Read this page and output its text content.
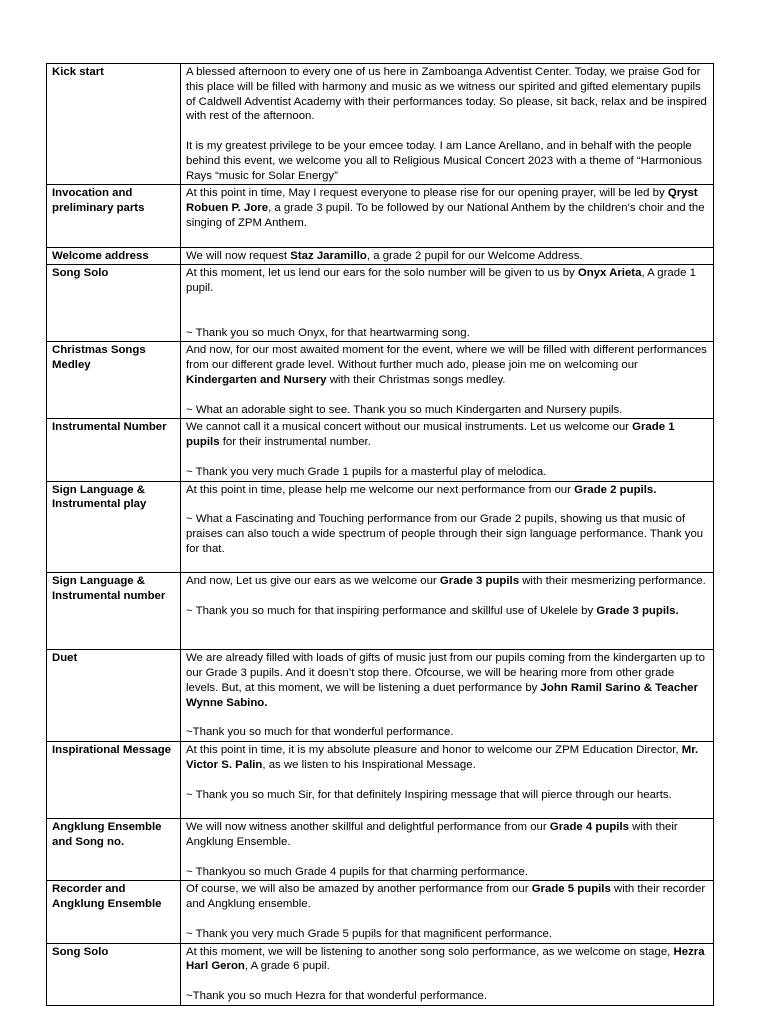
Kick start	A blessed afternoon to every one of us here in Zamboanga Adventist Center. Today, we praise God for this place will be filled with harmony and music as we witness our spirited and gifted elementary pupils of Caldwell Adventist Academy with their performances today. So please, sit back, relax and be inspired with rest of the afternoon.

It is my greatest privilege to be your emcee today. I am Lance Arellano, and in behalf with the people behind this event, we welcome you all to Religious Musical Concert 2023 with a theme of “Harmonious Rays “music for Solar Energy”

Invocation and preliminary parts	At this point in time, May I request everyone to please rise for our opening prayer, will be led by Qryst Robuen P. Jore, a grade 3 pupil. To be followed by our National Anthem by the children’s choir and the singing of ZPM Anthem.

Welcome address	We will now request Staz Jaramillo, a grade 2 pupil for our Welcome Address.

Song Solo	At this moment, let us lend our ears for the solo number will be given to us by Onyx Arieta, A grade 1 pupil.

~ Thank you so much Onyx, for that heartwarming song.

Christmas Songs Medley	And now, for our most awaited moment for the event, where we will be filled with different performances from our different grade level. Without further much ado, please join me on welcoming our Kindergarten and Nursery with their Christmas songs medley.

~ What an adorable sight to see. Thank you so much Kindergarten and Nursery pupils.

Instrumental Number	We cannot call it a musical concert without our musical instruments. Let us welcome our Grade 1 pupils for their instrumental number.

~ Thank you very much Grade 1 pupils for a masterful play of melodica.

Sign Language & Instrumental play	At this point in time, please help me welcome our next performance from our Grade 2 pupils.

~ What a Fascinating and Touching performance from our Grade 2 pupils, showing us that music of praises can also touch a wide spectrum of people through their sign language performance. Thank you for that.

Sign Language & Instrumental number	And now, Let us give our ears as we welcome our Grade 3 pupils with their mesmerizing performance.

~ Thank you so much for that inspiring performance and skillful use of Ukelele by Grade 3 pupils.

Duet	We are already filled with loads of gifts of music just from our pupils coming from the kindergarten up to our Grade 3 pupils. And it doesn’t stop there. Ofcourse, we will be hearing more from other grade levels. But, at this moment, we will be listening a duet performance by John Ramil Sarino & Teacher Wynne Sabino.

~Thank you so much for that wonderful performance.

Inspirational Message	At this point in time, it is my absolute pleasure and honor to welcome our ZPM Education Director, Mr. Victor S. Palin, as we listen to his Inspirational Message.

~ Thank you so much Sir, for that definitely Inspiring message that will pierce through our hearts.

Angklung Ensemble and Song no.	We will now witness another skillful and delightful performance from our Grade 4 pupils with their Angklung Ensemble.

~ Thankyou so much Grade 4 pupils for that charming performance.

Recorder and Angklung Ensemble	Of course, we will also be amazed by another performance from our Grade 5 pupils with their recorder and Angklung ensemble.

~ Thank you very much Grade 5 pupils for that magnificent performance.

Song Solo	At this moment, we will be listening to another song solo performance, as we welcome on stage, Hezra Harl Geron, A grade 6 pupil.

~Thank you so much Hezra for that wonderful performance.
